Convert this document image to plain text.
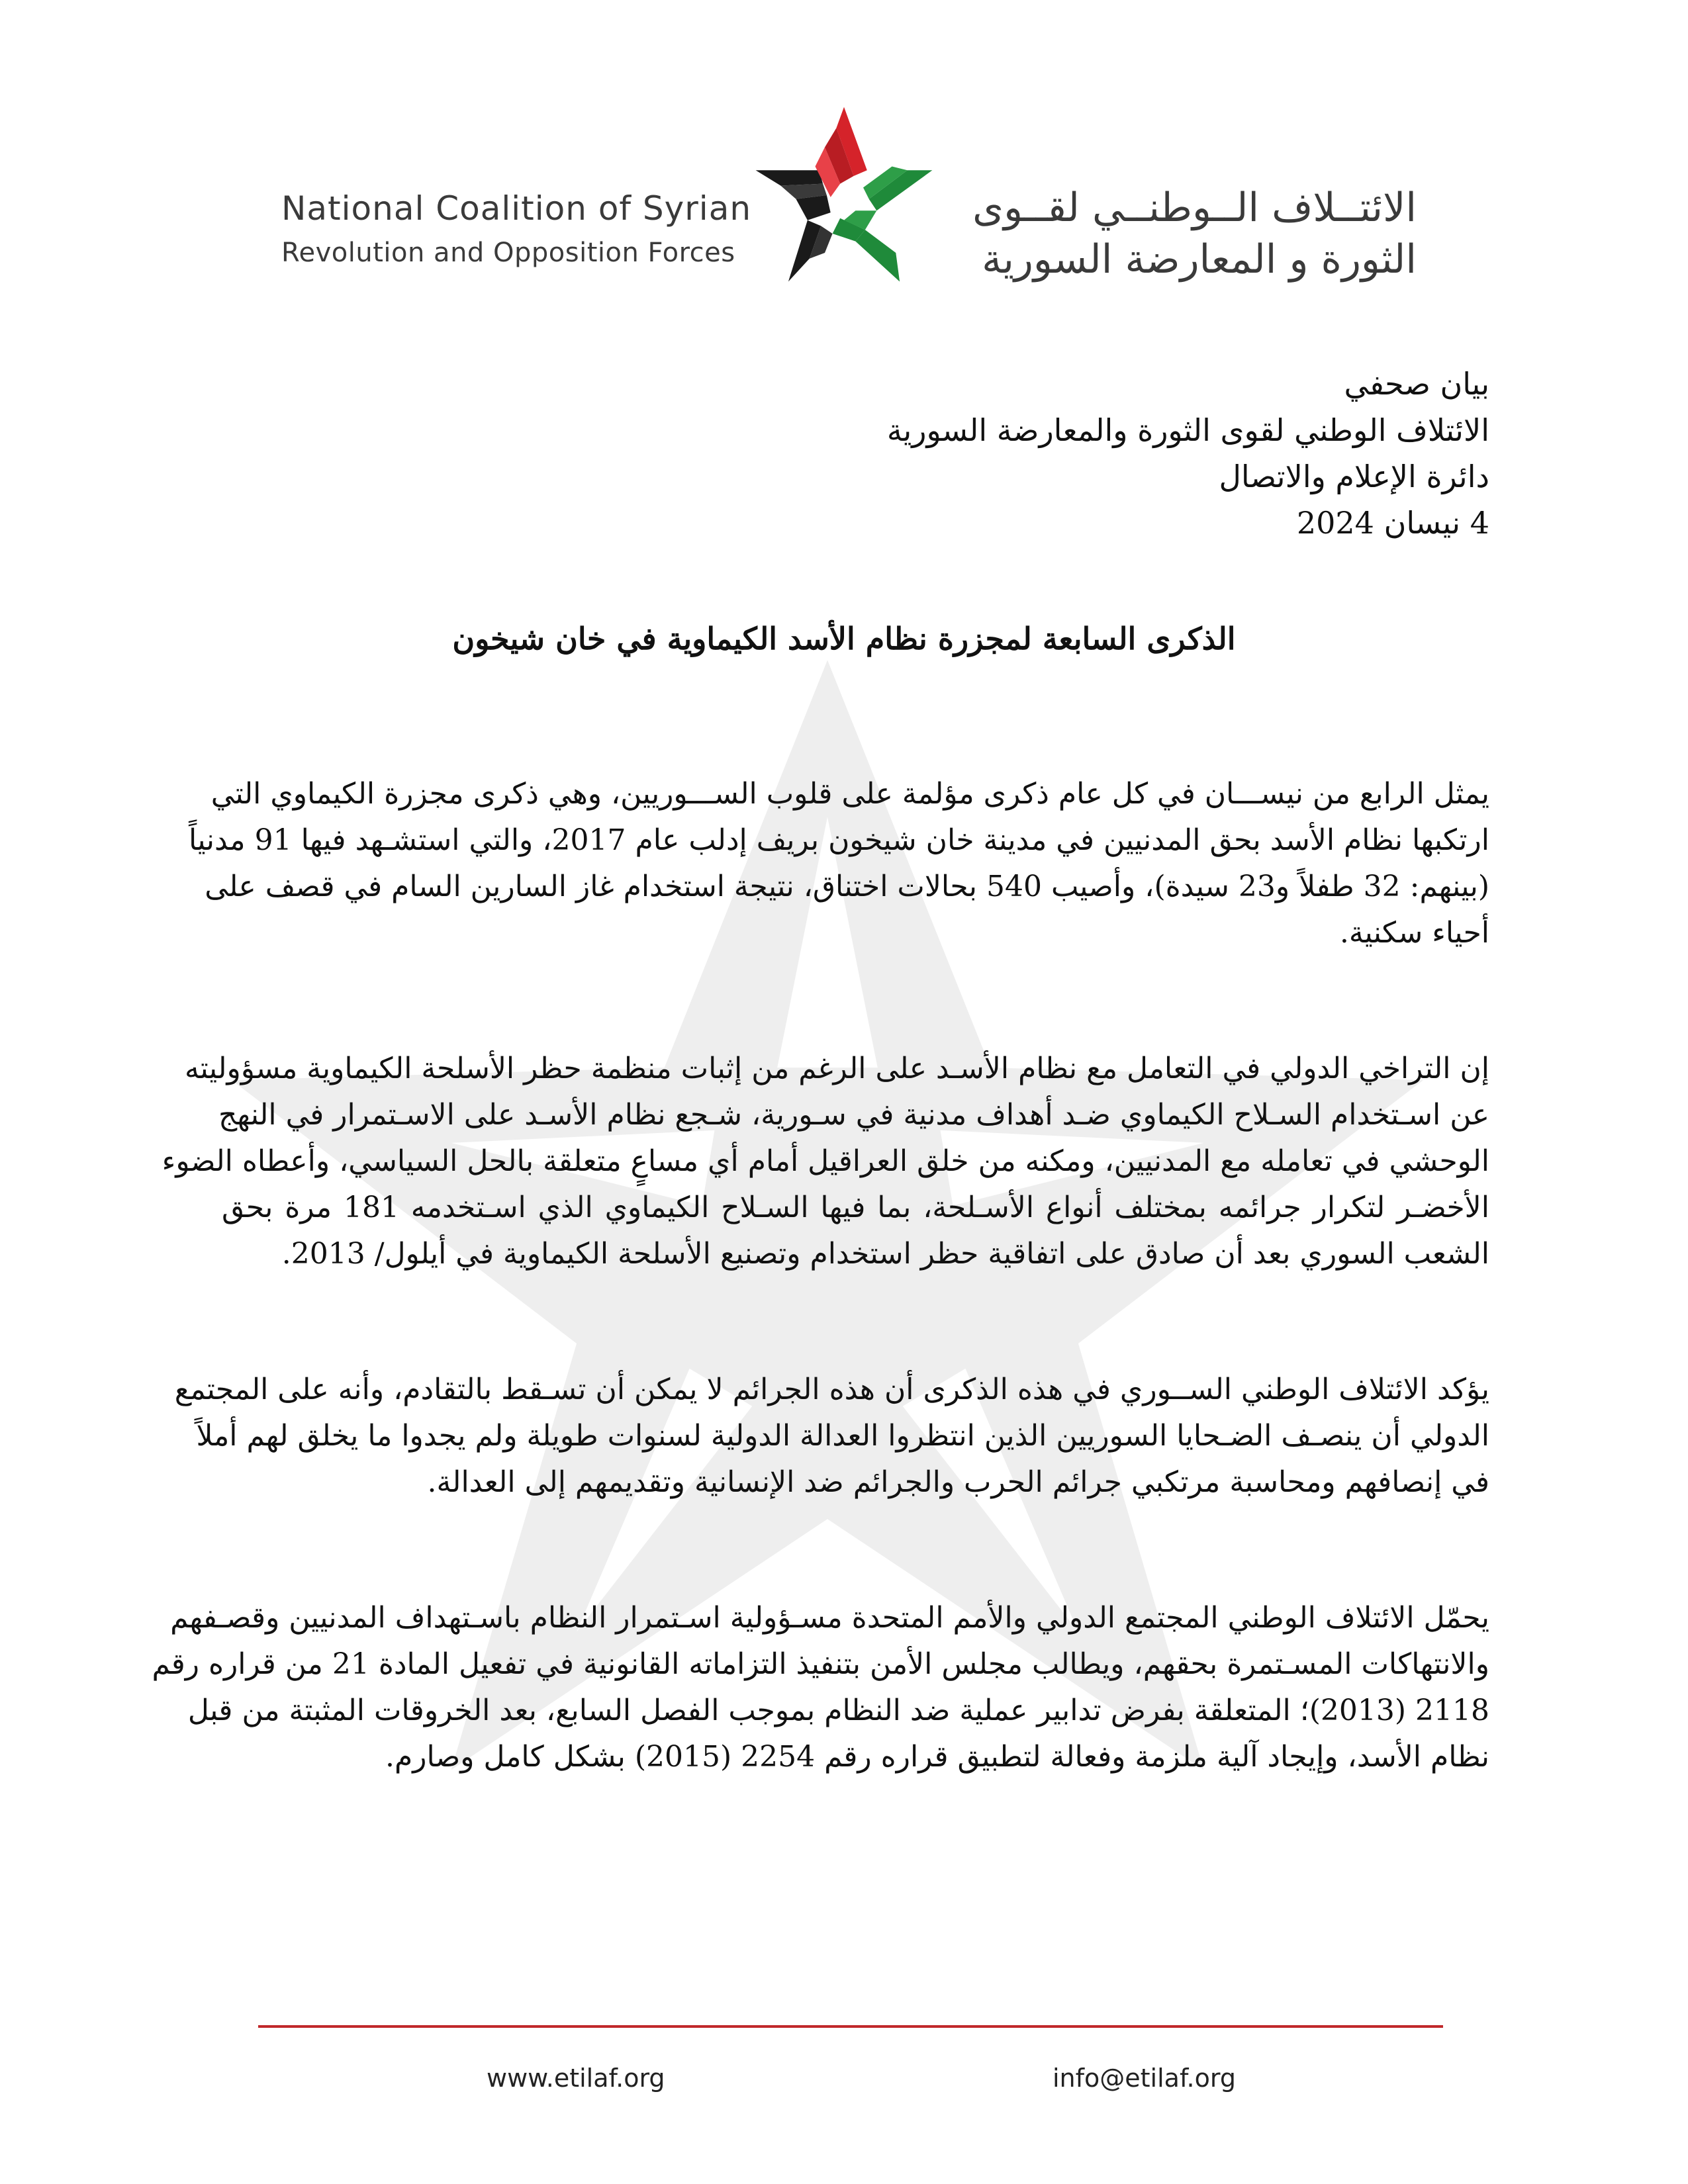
National Coalition of Syrian
Revolution and Opposition Forces
الائتــلاف الــوطنــي لقــوى
الثورة و المعارضة السورية
بيان صحفي
الائتلاف الوطني لقوى الثورة والمعارضة السورية
دائرة الإعلام والاتصال
4 نيسان 2024
الذكرى السابعة لمجزرة نظام الأسد الكيماوية في خان شيخون

يمثل الرابع من نيســـان في كل عام ذكرى مؤلمة على قلوب الســـوريين، وهي ذكرى مجزرة الكيماوي التي
ارتكبها نظام الأسد بحق المدنيين في مدينة خان شيخون بريف إدلب عام 2017، والتي استشـهد فيها 91 مدنياً
(بينهم: 32 طفلاً و23 سيدة)، وأصيب 540 بحالات اختناق، نتيجة استخدام غاز السارين السام في قصف على
أحياء سكنية.

إن التراخي الدولي في التعامل مع نظام الأسـد على الرغم من إثبات منظمة حظر الأسلحة الكيماوية مسؤوليته
عن اسـتخدام السـلاح الكيماوي ضـد أهداف مدنية في سـورية، شـجع نظام الأسـد على الاسـتمرار في النهج
الوحشي في تعامله مع المدنيين، ومكنه من خلق العراقيل أمام أي مساعٍ متعلقة بالحل السياسي، وأعطاه الضوء
الأخضـر لتكرار جرائمه بمختلف أنواع الأسـلحة، بما فيها السـلاح الكيماوي الذي اسـتخدمه 181 مرة بحق
الشعب السوري بعد أن صادق على اتفاقية حظر استخدام وتصنيع الأسلحة الكيماوية في أيلول/ 2013.

يؤكد الائتلاف الوطني الســوري في هذه الذكرى أن هذه الجرائم لا يمكن أن تسـقط بالتقادم، وأنه على المجتمع
الدولي أن ينصـف الضـحايا السوريين الذين انتظروا العدالة الدولية لسنوات طويلة ولم يجدوا ما يخلق لهم أملاً
في إنصافهم ومحاسبة مرتكبي جرائم الحرب والجرائم ضد الإنسانية وتقديمهم إلى العدالة.

يحمّل الائتلاف الوطني المجتمع الدولي والأمم المتحدة مسـؤولية اسـتمرار النظام باسـتهداف المدنيين وقصـفهم
والانتهاكات المسـتمرة بحقهم، ويطالب مجلس الأمن بتنفيذ التزاماته القانونية في تفعيل المادة 21 من قراره رقم
2118 (2013)؛ المتعلقة بفرض تدابير عملية ضد النظام بموجب الفصل السابع، بعد الخروقات المثبتة من قبل
نظام الأسد، وإيجاد آلية ملزمة وفعالة لتطبيق قراره رقم 2254 (2015) بشكل كامل وصارم.

www.etilaf.org	info@etilaf.org
